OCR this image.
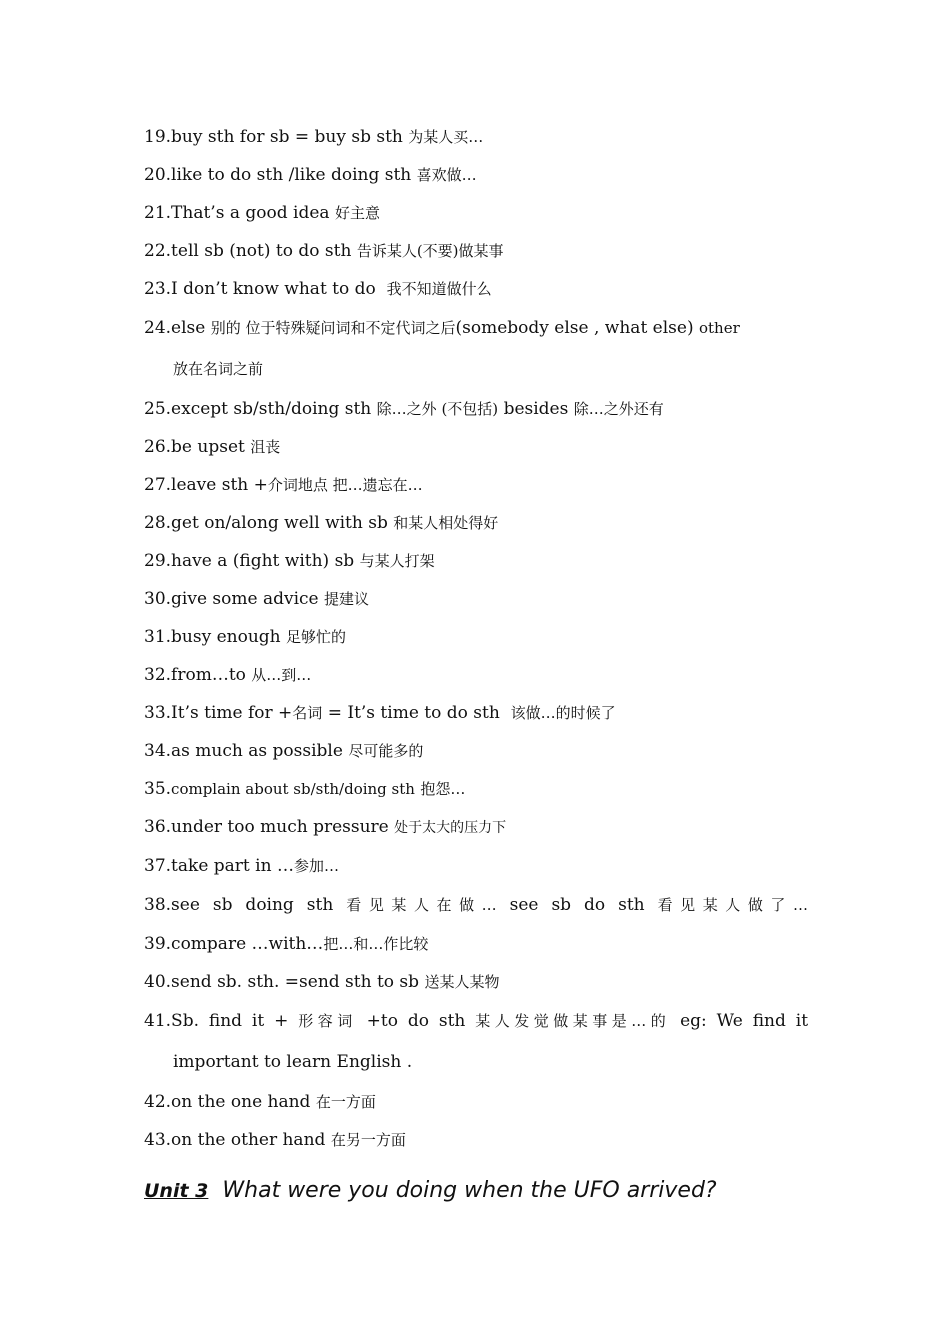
19.buy sth for sb = buy sb sth 为某人买…
20.like to do sth /like doing sth 喜欢做…
21.That’s a good idea 好主意
22.tell sb (not) to do sth 告诉某人(不要)做某事
23.I don’t know what to do 我不知道做什么
24.else 别的 位于特殊疑问词和不定代词之后(somebody else , what else) other
放在名词之前
25.except sb/sth/doing sth 除…之外 (不包括) besides 除…之外还有
26.be upset 沮丧
27.leave sth +介词地点 把…遗忘在…
28.get on/along well with sb 和某人相处得好
29.have a (fight with) sb 与某人打架
30.give some advice 提建议
31.busy enough 足够忙的
32.from…to 从…到…
33.It’s time for +名词 = It’s time to do sth 该做…的时候了
34.as much as possible 尽可能多的
35.complain about sb/sth/doing sth 抱怨…
36.under too much pressure 处于太大的压力下
37.take part in …参加…
38.see sb doing sth 看见某人在做… see sb do sth 看见某人做了…
39.compare …with…把…和…作比较
40.send sb. sth. =send sth to sb 送某人某物
41.Sb. find it + 形容词 +to do sth 某人发觉做某事是…的 eg: We find it
important to learn English .
42.on the one hand 在一方面
43.on the other hand 在另一方面
Unit 3 What were you doing when the UFO arrived?
